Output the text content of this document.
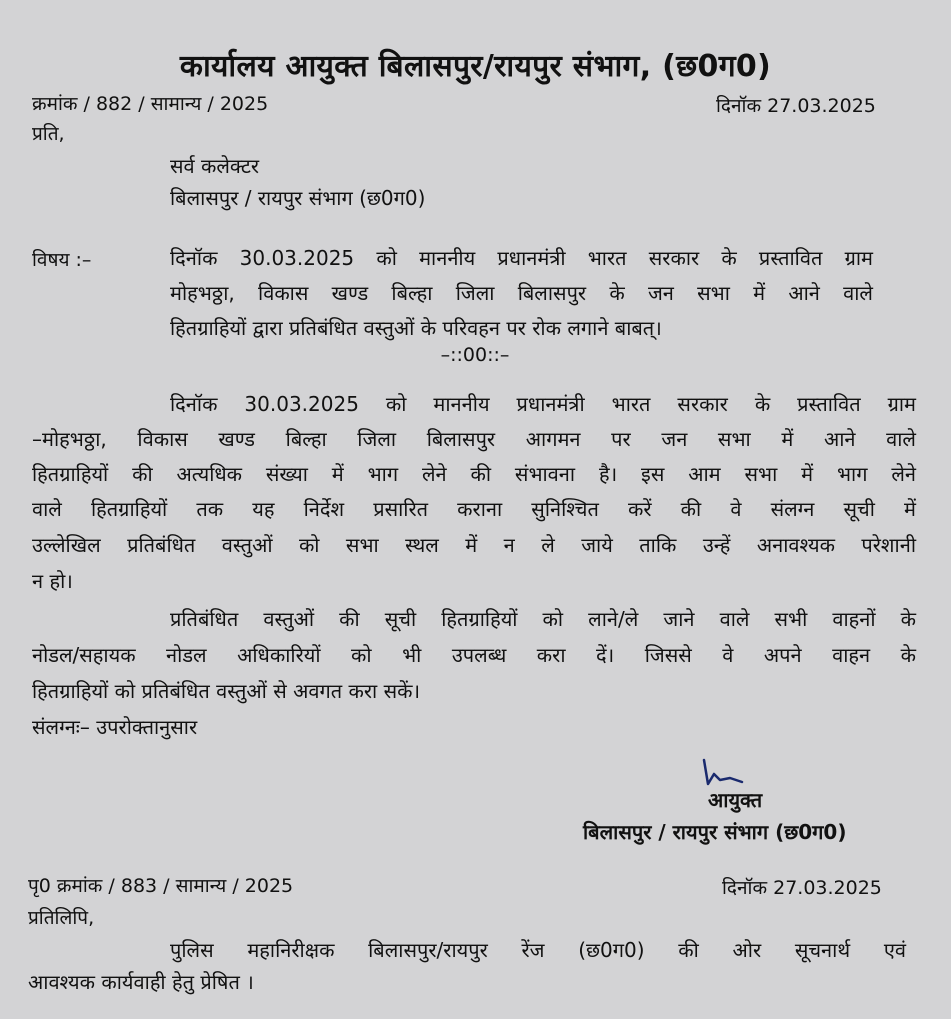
कार्यालय आयुक्त बिलासपुर/रायपुर संभाग, (छ0ग0)
क्रमांक / 882 / सामान्य / 2025	दिनॉक 27.03.2025
प्रति,
सर्व कलेक्टर
बिलासपुर / रायपुर संभाग (छ0ग0)
विषय :–	दिनॉक 30.03.2025 को माननीय प्रधानमंत्री भारत सरकार के प्रस्तावित ग्राम
मोहभठ्ठा, विकास खण्ड बिल्हा जिला बिलासपुर के जन सभा में आने वाले
हितग्राहियों द्वारा प्रतिबंधित वस्तुओं के परिवहन पर रोक लगाने बाबत्।
–::00::–
दिनॉक 30.03.2025 को माननीय प्रधानमंत्री भारत सरकार के प्रस्तावित ग्राम
–मोहभठ्ठा, विकास खण्ड बिल्हा जिला बिलासपुर आगमन पर जन सभा में आने वाले
हितग्राहियों की अत्यधिक संख्या में भाग लेने की संभावना है। इस आम सभा में भाग लेने
वाले हितग्राहियों तक यह निर्देश प्रसारित कराना सुनिश्चित करें की वे संलग्न सूची में
उल्लेखिल प्रतिबंधित वस्तुओं को सभा स्थल में न ले जाये ताकि उन्हें अनावश्यक परेशानी
न हो।
प्रतिबंधित वस्तुओं की सूची हितग्राहियों को लाने/ले जाने वाले सभी वाहनों के
नोडल/सहायक नोडल अधिकारियों को भी उपलब्ध करा दें। जिससे वे अपने वाहन के
हितग्राहियों को प्रतिबंधित वस्तुओं से अवगत करा सकें।
संलग्नः– उपरोक्तानुसार
आयुक्त
बिलासपुर / रायपुर संभाग (छ0ग0)
पृ0 क्रमांक / 883 / सामान्य / 2025	दिनॉक 27.03.2025
प्रतिलिपि,
पुलिस महानिरीक्षक बिलासपुर/रायपुर रेंज (छ0ग0) की ओर सूचनार्थ एवं
आवश्यक कार्यवाही हेतु प्रेषित ।
